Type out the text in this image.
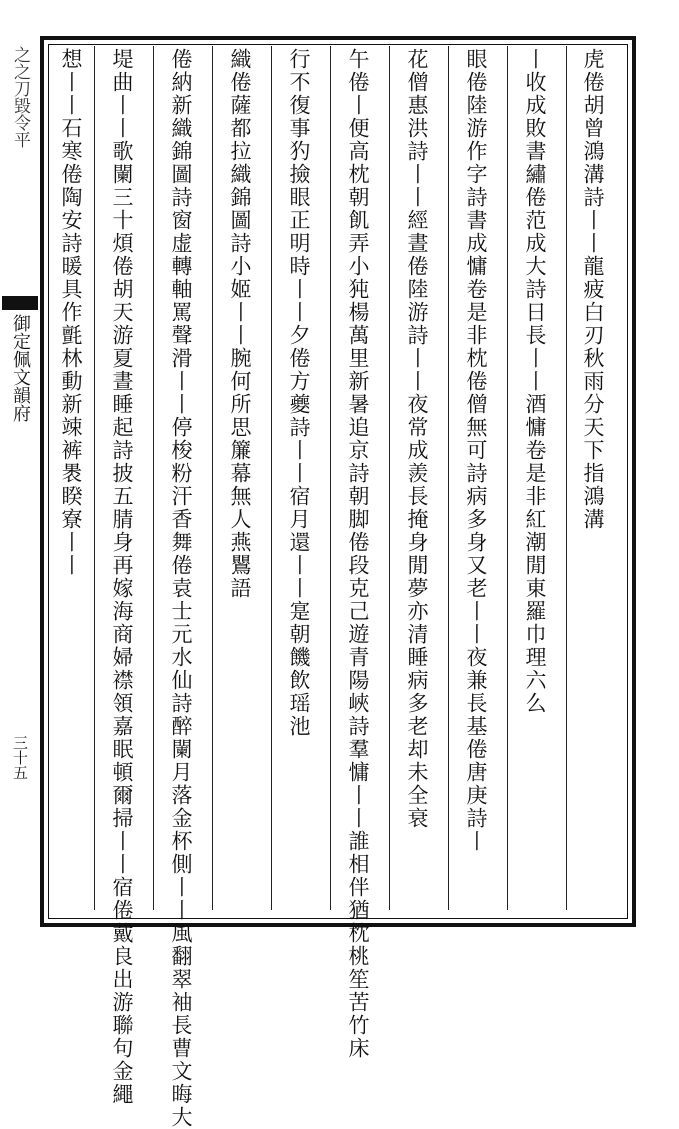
之之刀毀令平
御定佩文韻府
三十五
虎倦胡曾鴻溝詩丨丨龍疲白刃秋雨分天下指鴻溝
丨收成敗書繡倦范成大詩日長丨丨酒慵卷是非紅潮閒東羅巾理六么
眼倦陸游作字詩書成慵卷是非枕倦僧無可詩病多身又老丨丨夜兼長基倦唐庚詩丨
花僧惠洪詩丨丨經晝倦陸游詩丨丨夜常成羨長掩身閒夢亦清睡病多老却未全衰
午倦丨便高枕朝飢弄小㹠楊萬里新暑追京詩朝脚倦段克己遊青陽峽詩羣慵丨丨誰相伴猶枕桃笙苦竹床
行不復事犳撿眼正明時丨丨夕倦方夔詩丨丨宿月還丨丨寔朝饑飲瑶池
織倦薩都拉織錦圖詩小姬丨丨腕何所思簾幕無人燕鸎語
倦納新織錦圖詩窗虚轉軸罵聲滑丨丨停梭粉汗香舞倦袁士元水仙詩醉闌月落金杯側丨丨風翻翠袖長曹文晦大
堤曲丨丨歌闌三十煩倦胡天游夏晝睡起詩披五腈身再嫁海商婦襟領嘉眠頓爾掃丨丨宿倦戴良出游聯句金繩
想丨丨石寒倦陶安詩暖具作氈林動新竦裤褁睽寮丨丨
